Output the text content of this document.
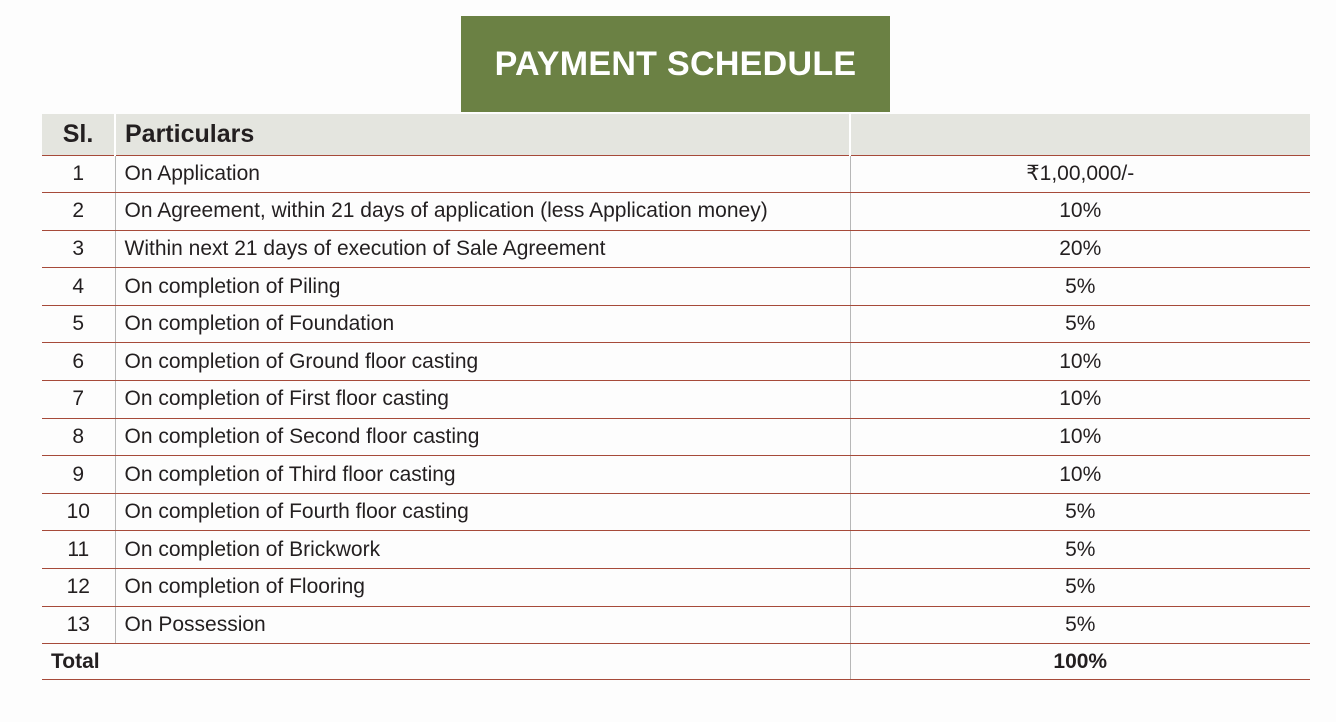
PAYMENT SCHEDULE
Sl.	Particulars	
1	On Application	₹1,00,000/-
2	On Agreement, within 21 days of application (less Application money)	10%
3	Within next 21 days of execution of Sale Agreement	20%
4	On completion of Piling	5%
5	On completion of Foundation	5%
6	On completion of Ground floor casting	10%
7	On completion of First floor casting	10%
8	On completion of Second floor casting	10%
9	On completion of Third floor casting	10%
10	On completion of Fourth floor casting	5%
11	On completion of Brickwork	5%
12	On completion of Flooring	5%
13	On Possession	5%
Total		100%
